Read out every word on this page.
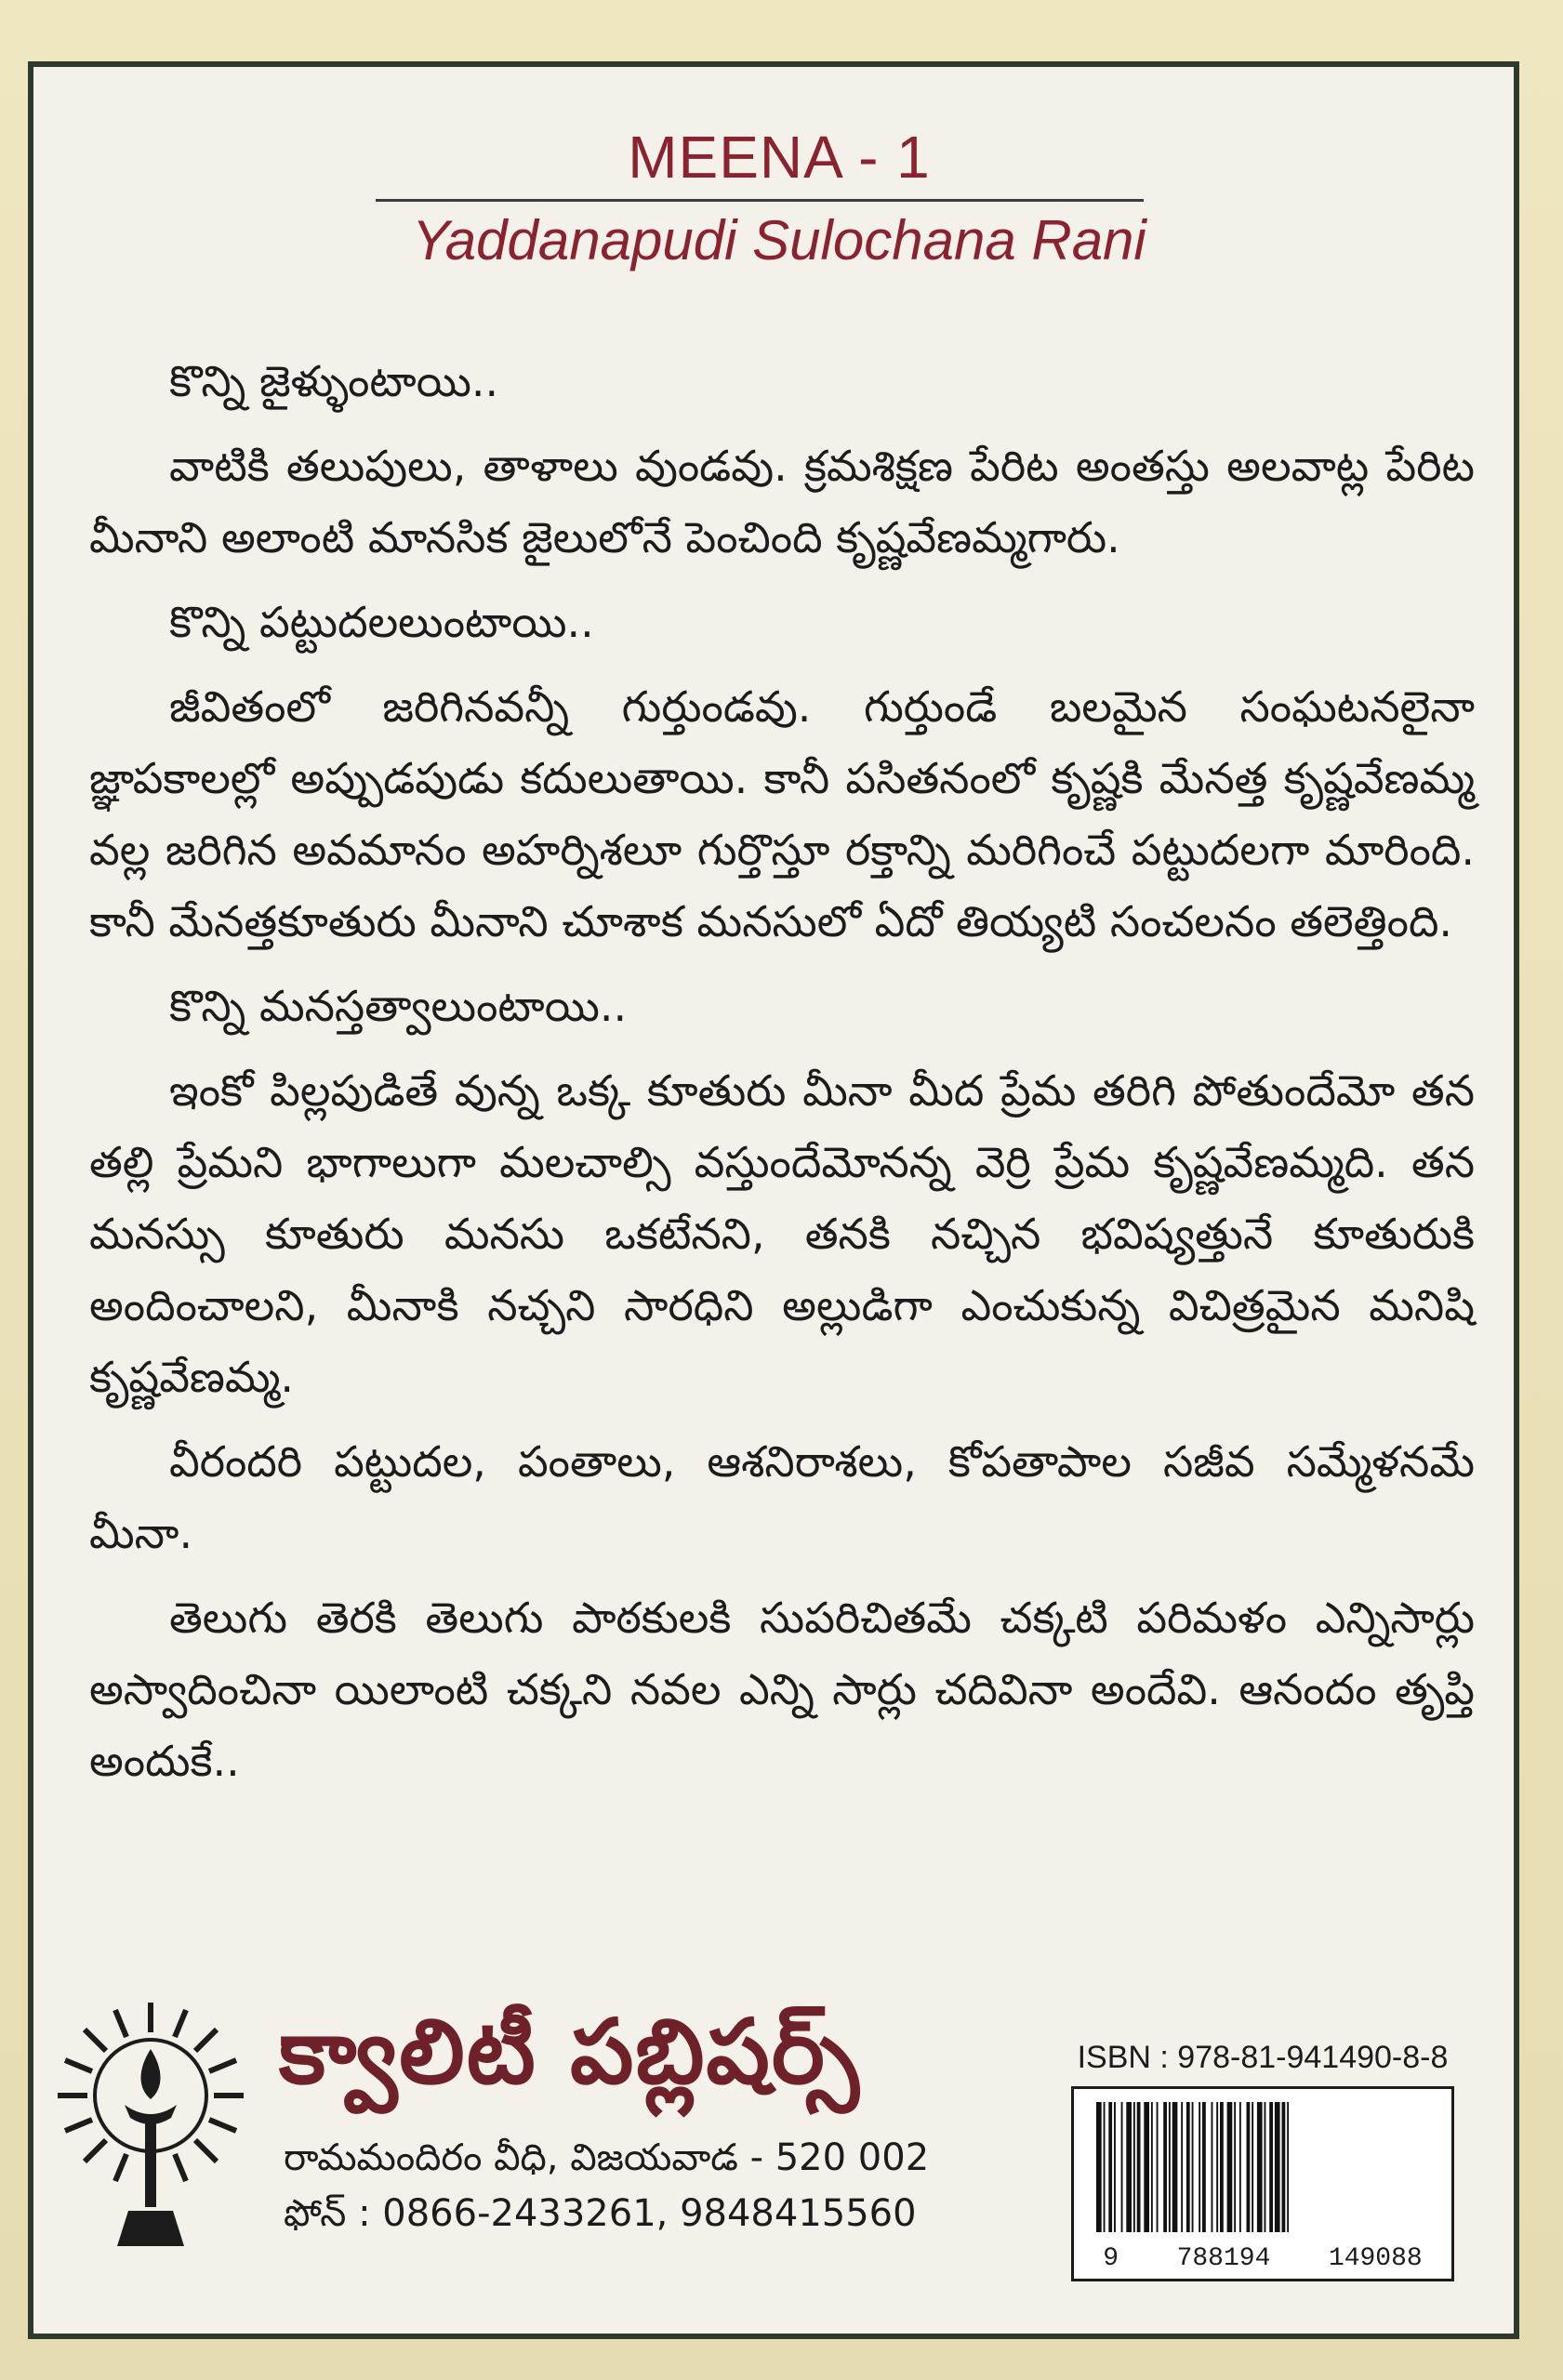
MEENA - 1
Yaddanapudi Sulochana Rani

కొన్ని జైళ్ళుంటాయి..

వాటికి తలుపులు, తాళాలు వుండవు. క్రమశిక్షణ పేరిట అంతస్తు అలవాట్ల పేరిట మీనాని అలాంటి మానసిక జైలులోనే పెంచింది కృష్ణవేణమ్మగారు.

కొన్ని పట్టుదలలుంటాయి..

జీవితంలో జరిగినవన్నీ గుర్తుండవు. గుర్తుండే బలమైన సంఘటనలైనా జ్ఞాపకాలల్లో అప్పుడపుడు కదులుతాయి. కానీ పసితనంలో కృష్ణకి మేనత్త కృష్ణవేణమ్మ వల్ల జరిగిన అవమానం అహర్నిశలూ గుర్తొస్తూ రక్తాన్ని మరిగించే పట్టుదలగా మారింది. కానీ మేనత్తకూతురు మీనాని చూశాక మనసులో ఏదో తియ్యటి సంచలనం తలెత్తింది.

కొన్ని మనస్తత్వాలుంటాయి..

ఇంకో పిల్లపుడితే వున్న ఒక్క కూతురు మీనా మీద ప్రేమ తరిగి పోతుందేమో తన తల్లి ప్రేమని భాగాలుగా మలచాల్సి వస్తుందేమోనన్న వెర్రి ప్రేమ కృష్ణవేణమ్మది. తన మనస్సు కూతురు మనసు ఒకటేనని, తనకి నచ్చిన భవిష్యత్తునే కూతురుకి అందించాలని, మీనాకి నచ్చని సారధిని అల్లుడిగా ఎంచుకున్న విచిత్రమైన మనిషి కృష్ణవేణమ్మ.

వీరందరి పట్టుదల, పంతాలు, ఆశనిరాశలు, కోపతాపాల సజీవ సమ్మేళనమే మీనా.

తెలుగు తెరకి తెలుగు పాఠకులకి సుపరిచితమే చక్కటి పరిమళం ఎన్నిసార్లు అస్వాదించినా యిలాంటి చక్కని నవల ఎన్ని సార్లు చదివినా అందేవి. ఆనందం తృప్తి అందుకే..

క్వాలిటీ పబ్లిషర్స్
రామమందిరం వీధి, విజయవాడ - 520 002
ఫోన్ : 0866-2433261, 9848415560
ISBN : 978-81-941490-8-8
9 788194 149088
